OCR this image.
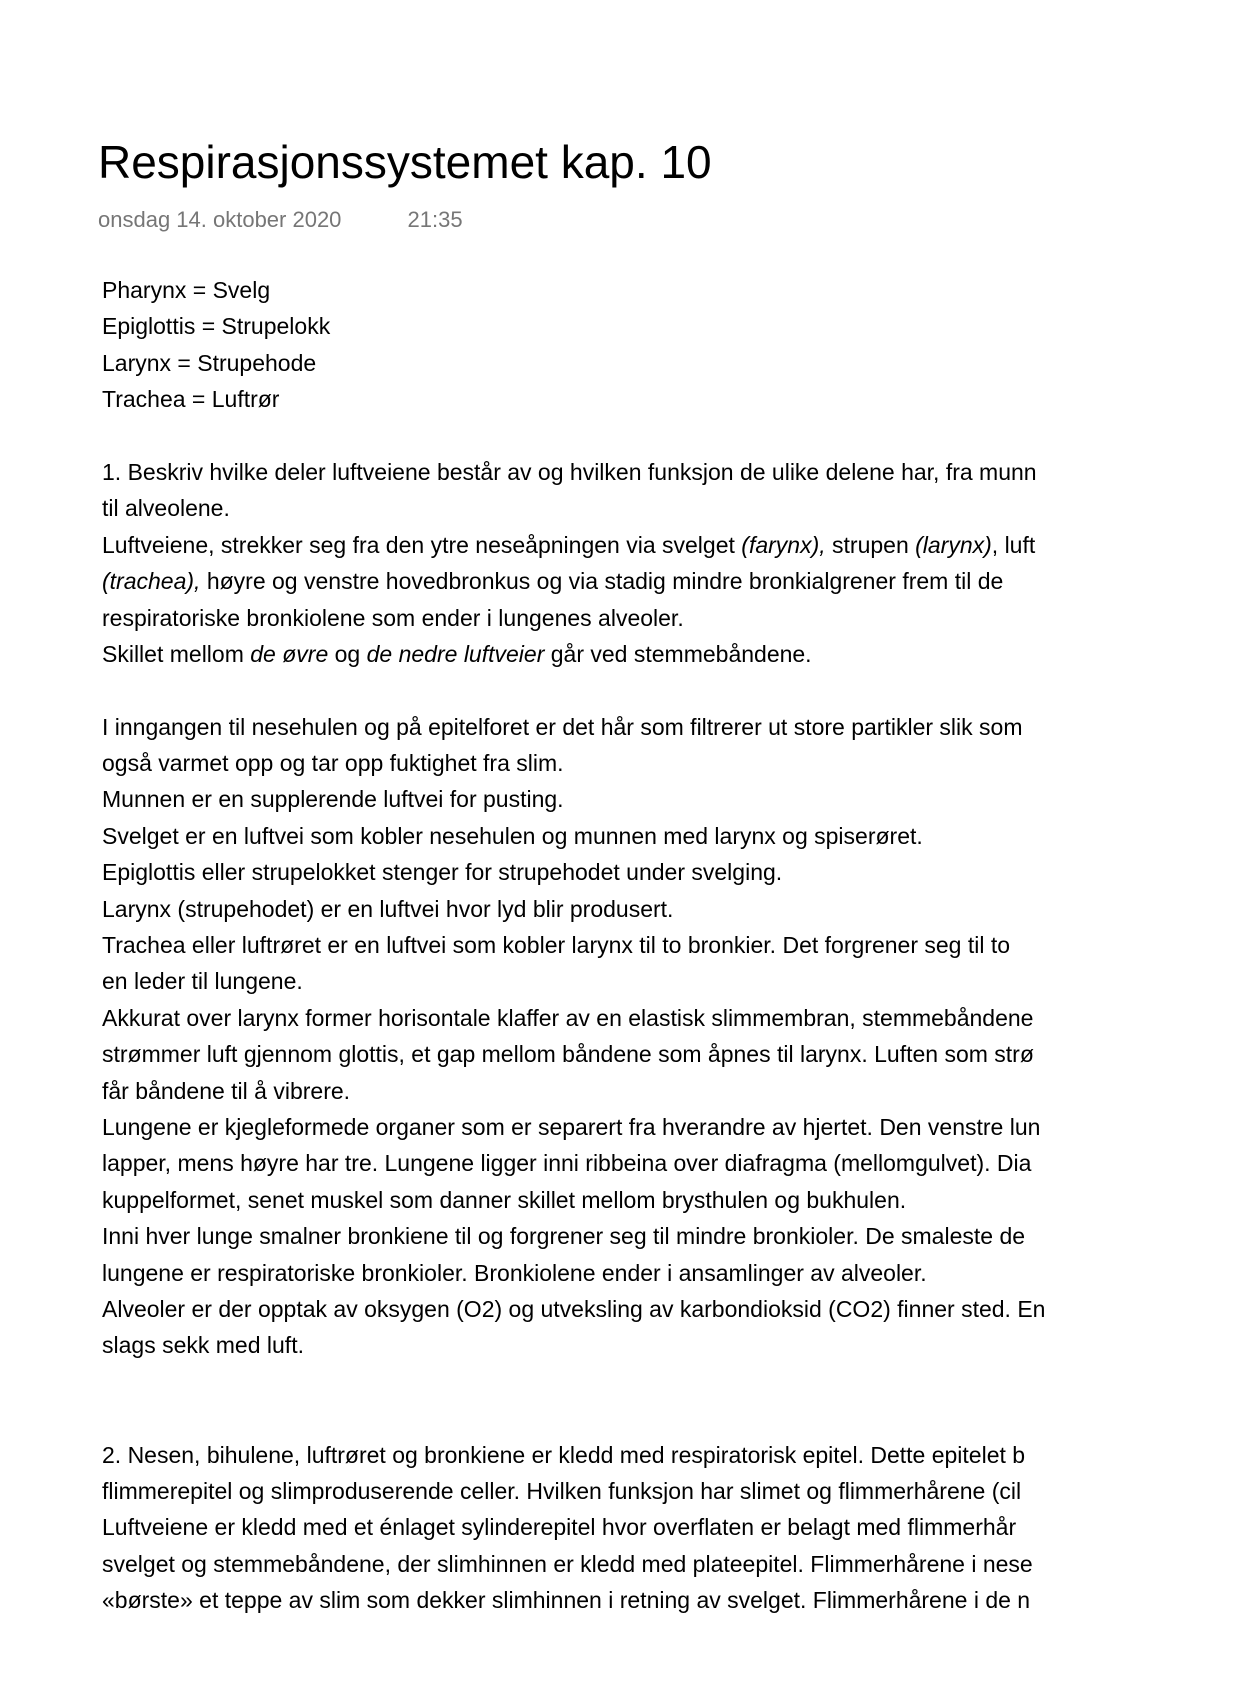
Respirasjonssystemet kap. 10
onsdag 14. oktober 2020	21:35
Pharynx = Svelg
Epiglottis = Strupelokk
Larynx = Strupehode
Trachea = Luftrør
1. Beskriv hvilke deler luftveiene består av og hvilken funksjon de ulike delene har, fra munn
til alveolene.
Luftveiene, strekker seg fra den ytre neseåpningen via svelget (farynx), strupen (larynx), luft
(trachea), høyre og venstre hovedbronkus og via stadig mindre bronkialgrener frem til de
respiratoriske bronkiolene som ender i lungenes alveoler.
Skillet mellom de øvre og de nedre luftveier går ved stemmebåndene.
I inngangen til nesehulen og på epitelforet er det hår som filtrerer ut store partikler slik som
også varmet opp og tar opp fuktighet fra slim.
Munnen er en supplerende luftvei for pusting.
Svelget er en luftvei som kobler nesehulen og munnen med larynx og spiserøret.
Epiglottis eller strupelokket stenger for strupehodet under svelging.
Larynx (strupehodet) er en luftvei hvor lyd blir produsert.
Trachea eller luftrøret er en luftvei som kobler larynx til to bronkier. Det forgrener seg til to
en leder til lungene.
Akkurat over larynx former horisontale klaffer av en elastisk slimmembran, stemmebåndene
strømmer luft gjennom glottis, et gap mellom båndene som åpnes til larynx. Luften som strø
får båndene til å vibrere.
Lungene er kjegleformede organer som er separert fra hverandre av hjertet. Den venstre lun
lapper, mens høyre har tre. Lungene ligger inni ribbeina over diafragma (mellomgulvet). Dia
kuppelformet, senet muskel som danner skillet mellom brysthulen og bukhulen.
Inni hver lunge smalner bronkiene til og forgrener seg til mindre bronkioler. De smaleste de
lungene er respiratoriske bronkioler. Bronkiolene ender i ansamlinger av alveoler.
Alveoler er der opptak av oksygen (O2) og utveksling av karbondioksid (CO2) finner sted. En
slags sekk med luft.
2. Nesen, bihulene, luftrøret og bronkiene er kledd med respiratorisk epitel. Dette epitelet b
flimmerepitel og slimproduserende celler. Hvilken funksjon har slimet og flimmerhårene (cil
Luftveiene er kledd med et énlaget sylinderepitel hvor overflaten er belagt med flimmerhår
svelget og stemmebåndene, der slimhinnen er kledd med plateepitel. Flimmerhårene i nese
«børste» et teppe av slim som dekker slimhinnen i retning av svelget. Flimmerhårene i de n
